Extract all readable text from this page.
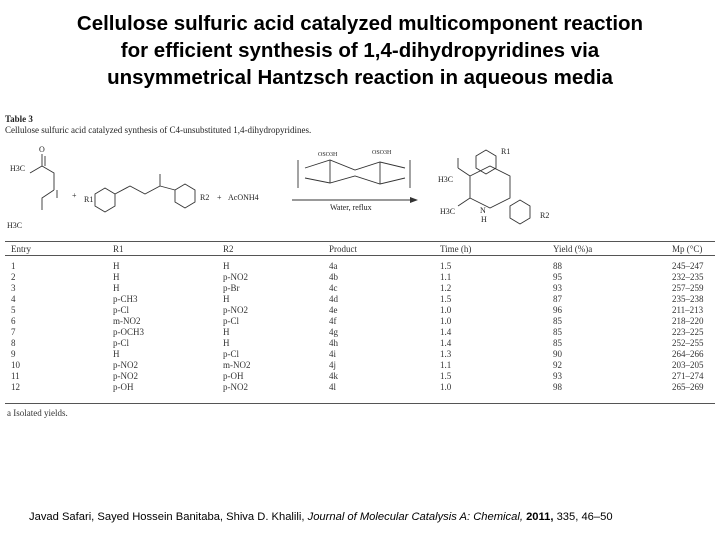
Cellulose sulfuric acid catalyzed multicomponent reaction
for efficient synthesis of 1,4-dihydropyridines via
unsymmetrical Hantzsch reaction in aqueous media
Table 3
Cellulose sulfuric acid catalyzed synthesis of C4-unsubstituted 1,4-dihydropyridines.
H3C
H3C
O
+ R1	R2 + AcONH4
OSO3H	OSO3H
Water, reflux
H3C
H3C	N
H
R1
R2
Entry	R1	R2	Product	Time (h)	Yield (%)a	Mp (°C)
1	H	H	4a	1.5	88	245–247
2	H	p-NO2	4b	1.1	95	232–235
3	H	p-Br	4c	1.2	93	257–259
4	p-CH3	H	4d	1.5	87	235–238
5	p-Cl	p-NO2	4e	1.0	96	211–213
6	m-NO2	p-Cl	4f	1.0	85	218–220
7	p-OCH3	H	4g	1.4	85	223–225
8	p-Cl	H	4h	1.4	85	252–255
9	H	p-Cl	4i	1.3	90	264–266
10	p-NO2	m-NO2	4j	1.1	92	203–205
11	p-NO2	p-OH	4k	1.5	93	271–274
12	p-OH	p-NO2	4l	1.0	98	265–269
a Isolated yields.
Javad Safari, Sayed Hossein Banitaba, Shiva D. Khalili, Journal of Molecular Catalysis A: Chemical, 2011, 335, 46–50
